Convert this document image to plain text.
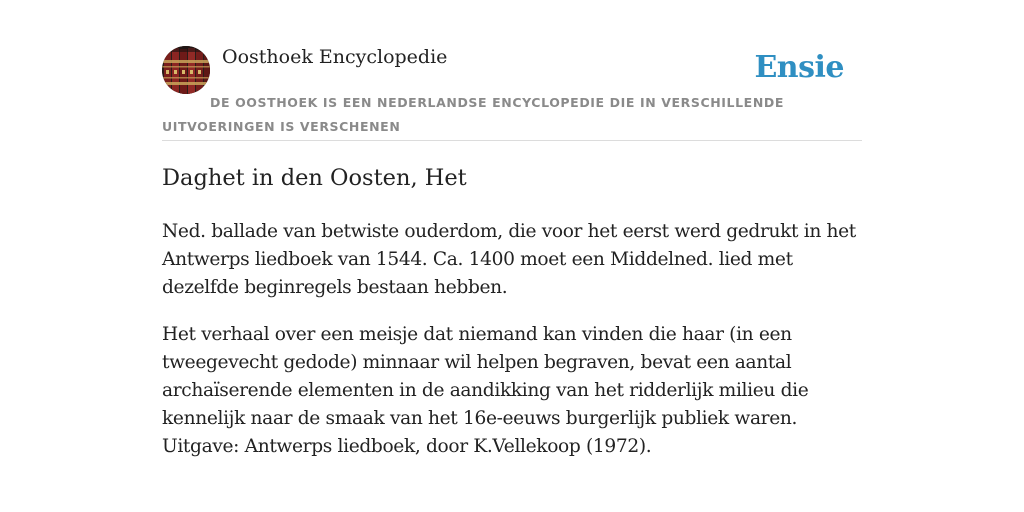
Oosthoek Encyclopedie	Ensie
DE OOSTHOEK IS EEN NEDERLANDSE ENCYCLOPEDIE DIE IN VERSCHILLENDE UITVOERINGEN IS VERSCHENEN
Daghet in den Oosten, Het

Ned. ballade van betwiste ouderdom, die voor het eerst werd gedrukt in het Antwerps liedboek van 1544. Ca. 1400 moet een Middelned. lied met dezelfde beginregels bestaan hebben.

Het verhaal over een meisje dat niemand kan vinden die haar (in een tweegevecht gedode) minnaar wil helpen begraven, bevat een aantal archaïserende elementen in de aandikking van het ridderlijk milieu die kennelijk naar de smaak van het 16e-eeuws burgerlijk publiek waren. Uitgave: Antwerps liedboek, door K.Vellekoop (1972).
